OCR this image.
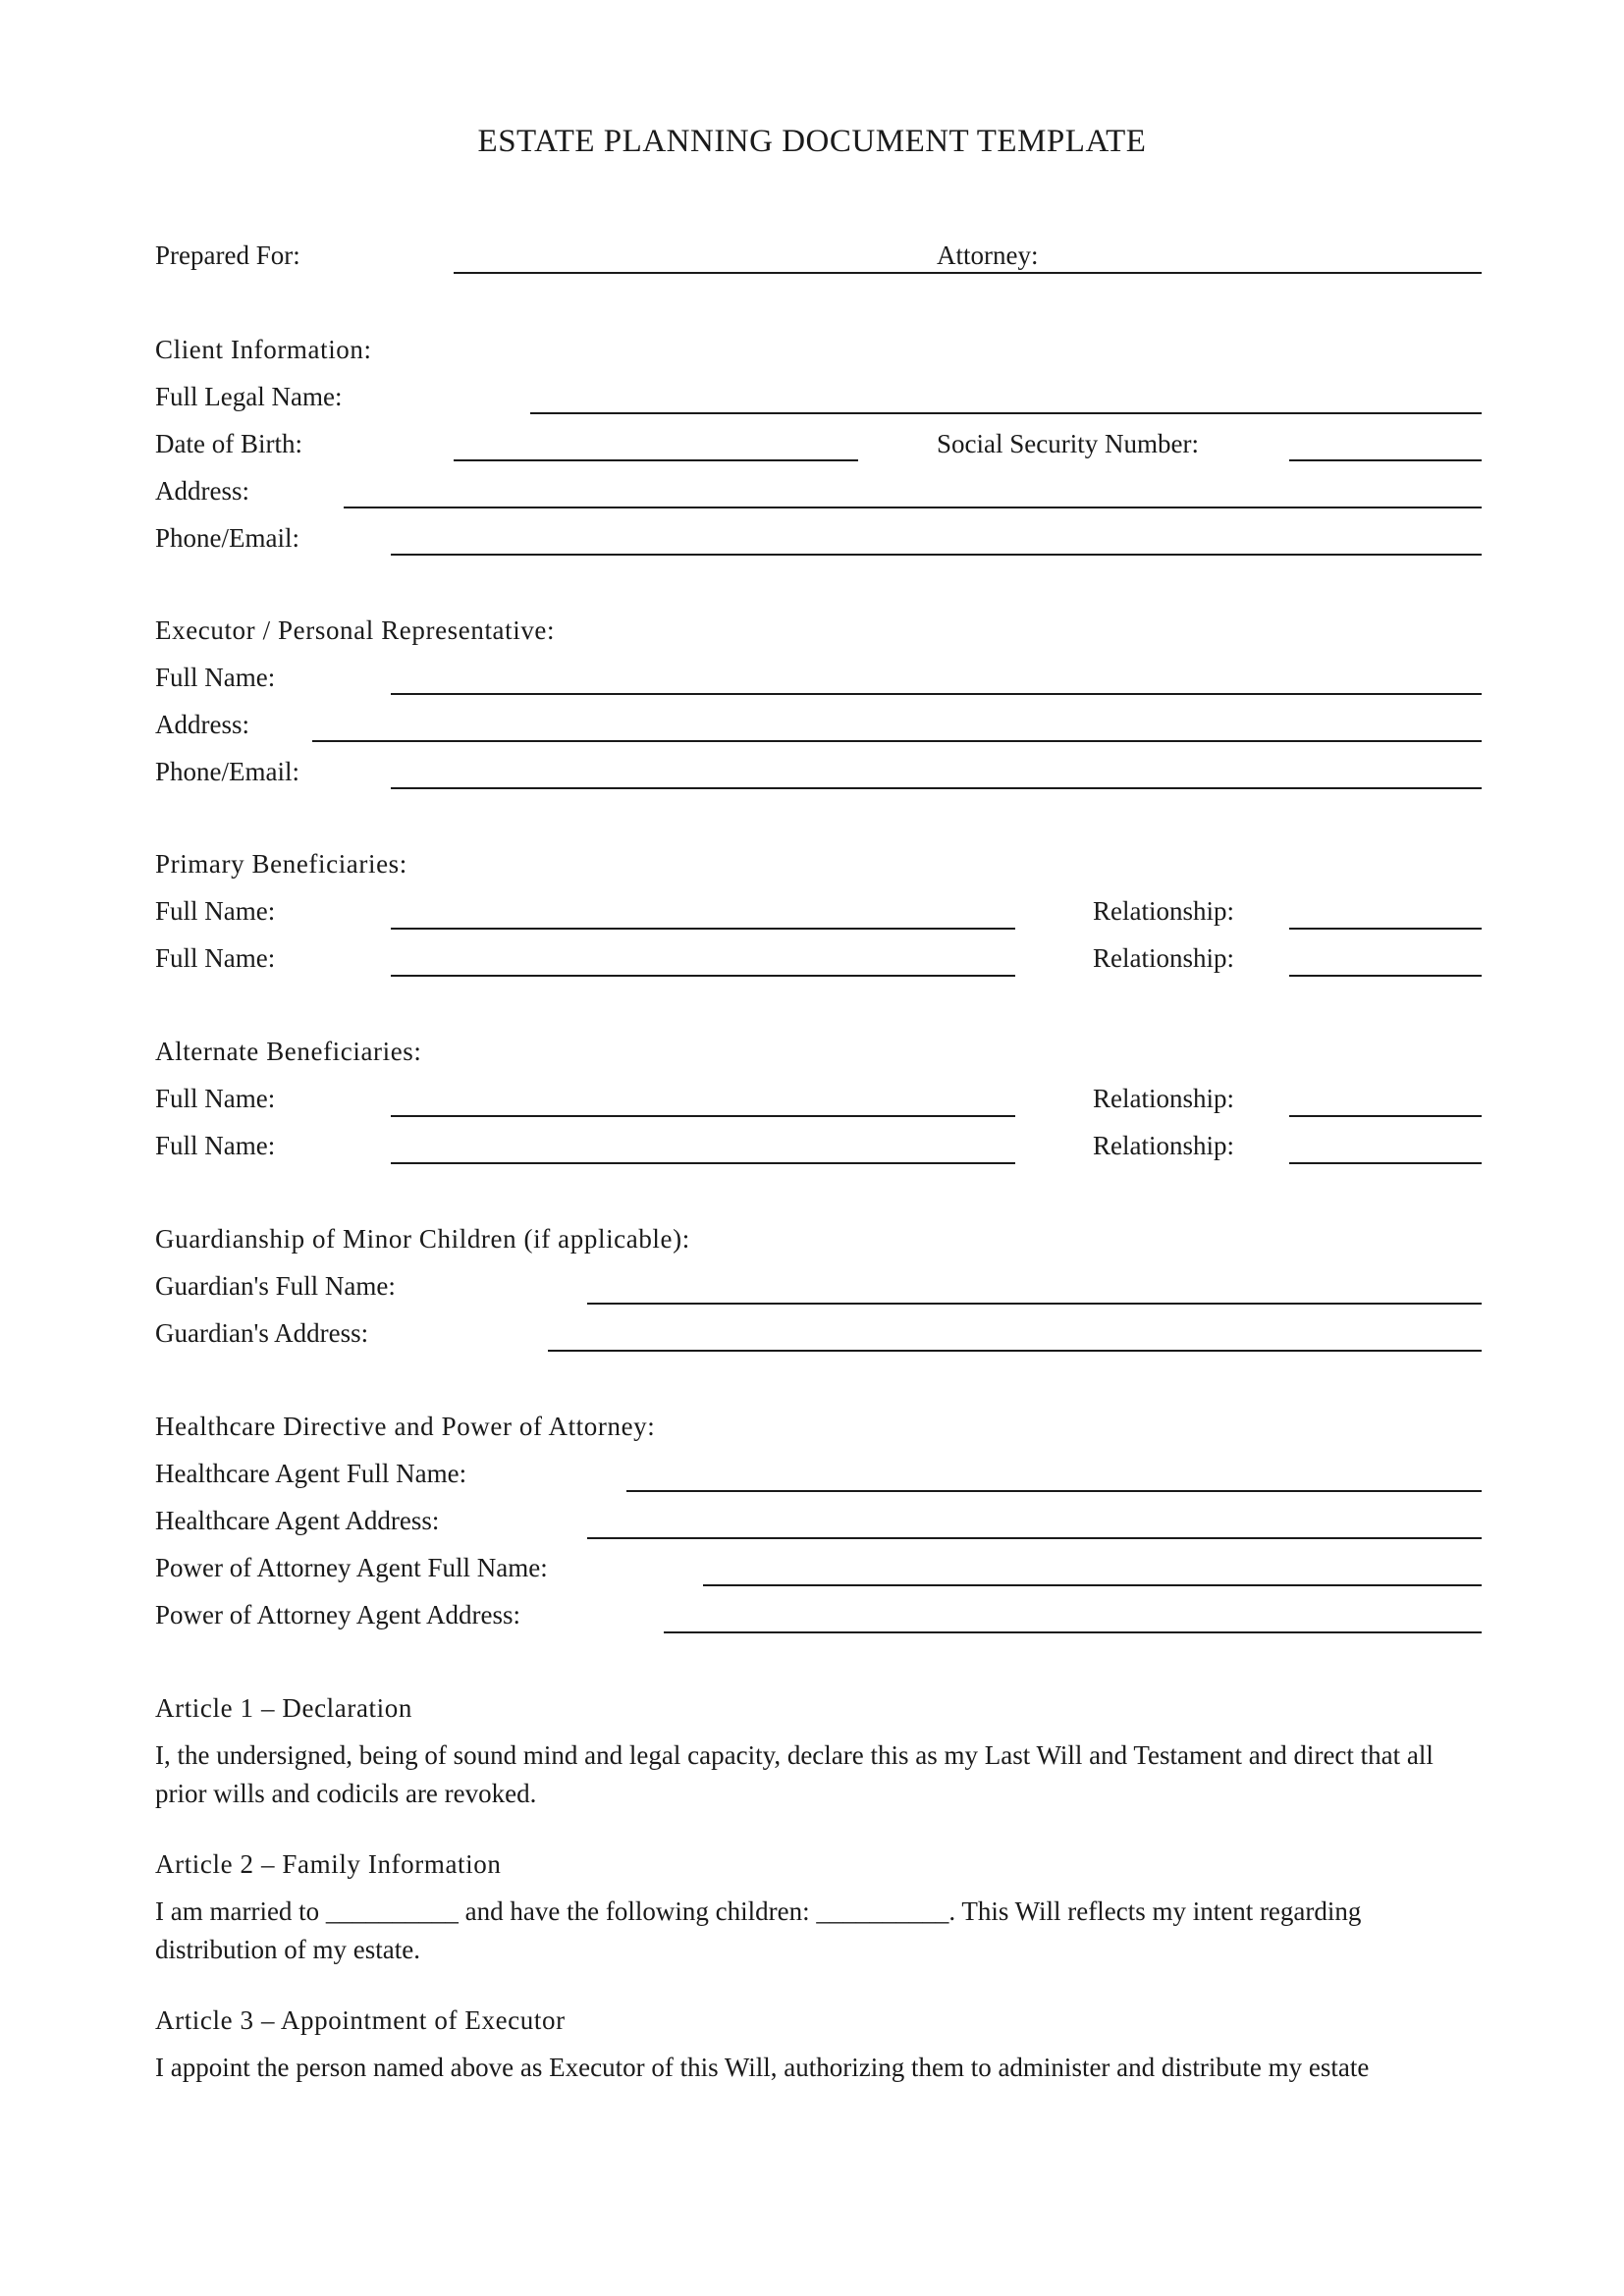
ESTATE PLANNING DOCUMENT TEMPLATE
Prepared For:	Attorney:
Client Information:
Full Legal Name:
Date of Birth:	Social Security Number:
Address:
Phone/Email:
Executor / Personal Representative:
Full Name:
Address:
Phone/Email:
Primary Beneficiaries:
Full Name:	Relationship:
Full Name:	Relationship:
Alternate Beneficiaries:
Full Name:	Relationship:
Full Name:	Relationship:
Guardianship of Minor Children (if applicable):
Guardian's Full Name:
Guardian's Address:
Healthcare Directive and Power of Attorney:
Healthcare Agent Full Name:
Healthcare Agent Address:
Power of Attorney Agent Full Name:
Power of Attorney Agent Address:
Article 1 – Declaration
I, the undersigned, being of sound mind and legal capacity, declare this as my Last Will and Testament and direct that all prior wills and codicils are revoked.
Article 2 – Family Information
I am married to __________ and have the following children: __________. This Will reflects my intent regarding distribution of my estate.
Article 3 – Appointment of Executor
I appoint the person named above as Executor of this Will, authorizing them to administer and distribute my estate
